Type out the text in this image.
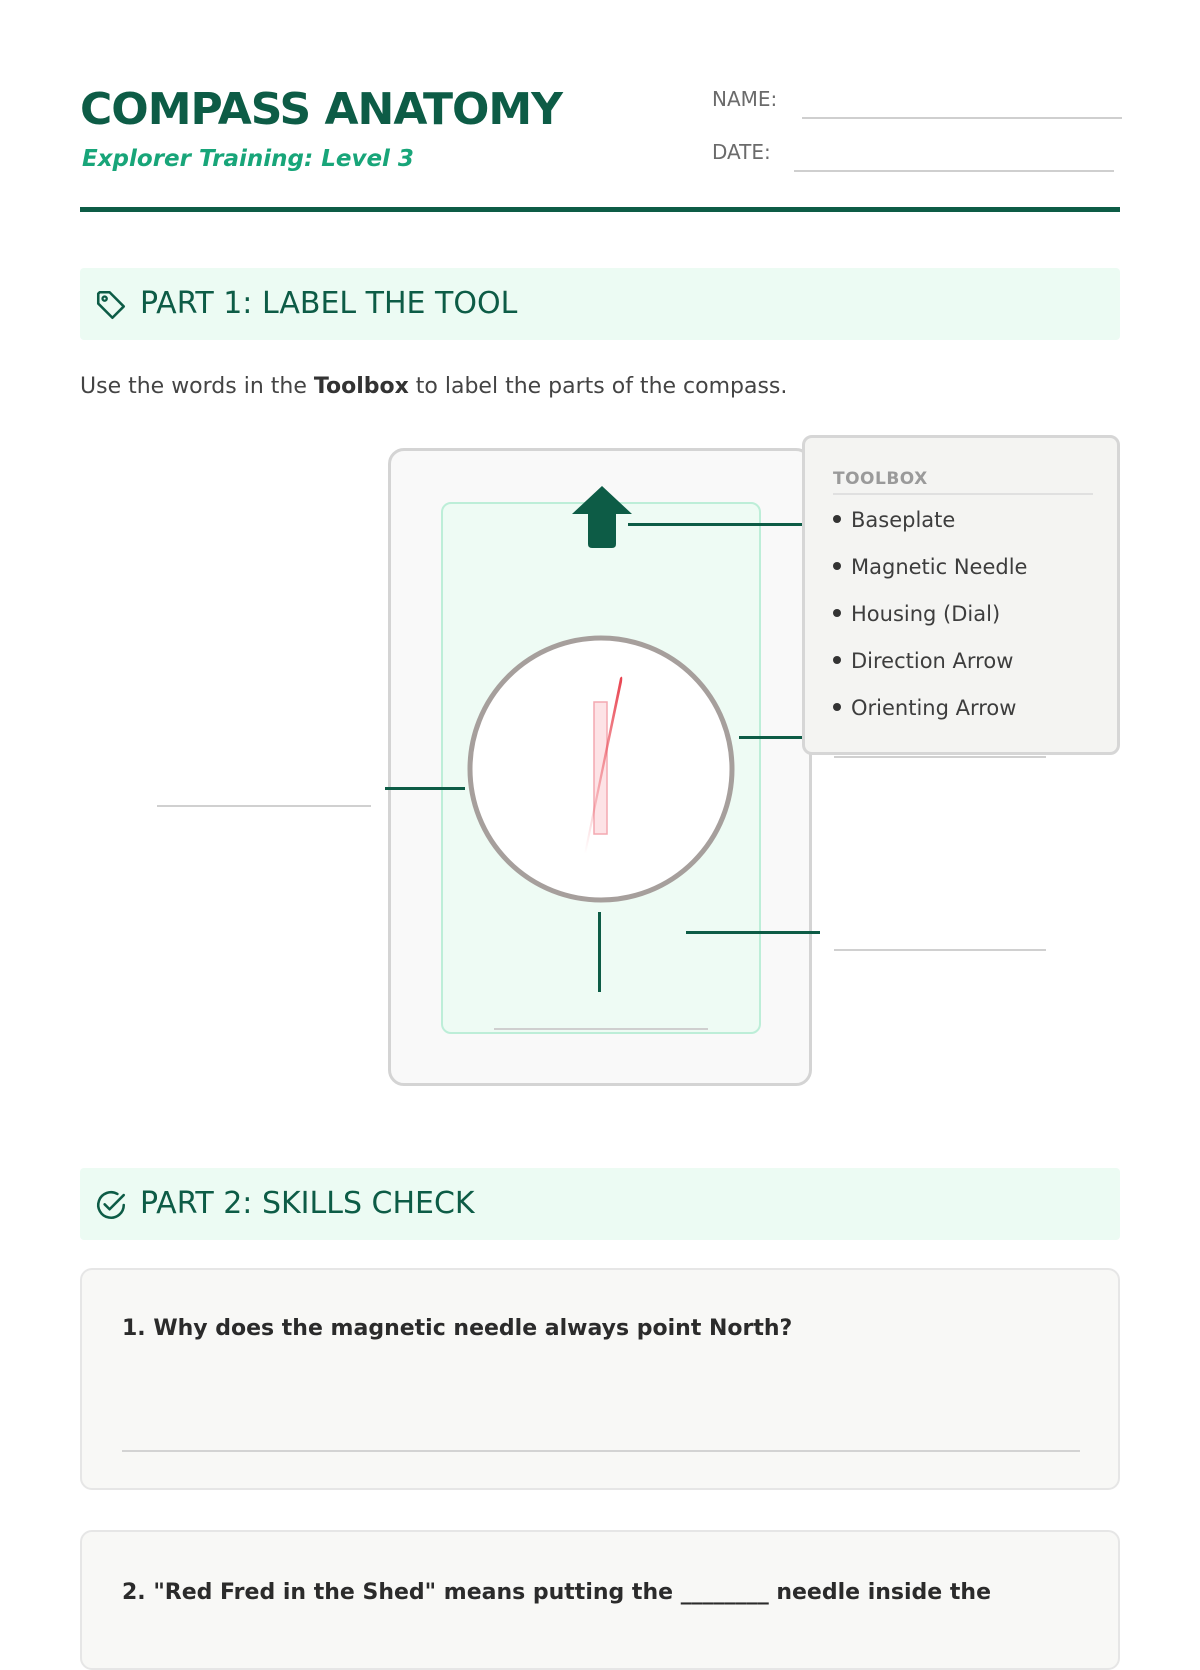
COMPASS ANATOMY
Explorer Training: Level 3
NAME:
DATE:
PART 1: LABEL THE TOOL
Use the words in the Toolbox to label the parts of the compass.
TOOLBOX
Baseplate
Magnetic Needle
Housing (Dial)
Direction Arrow
Orienting Arrow
PART 2: SKILLS CHECK
1. Why does the magnetic needle always point North?
2. "Red Fred in the Shed" means putting the ________ needle inside the
